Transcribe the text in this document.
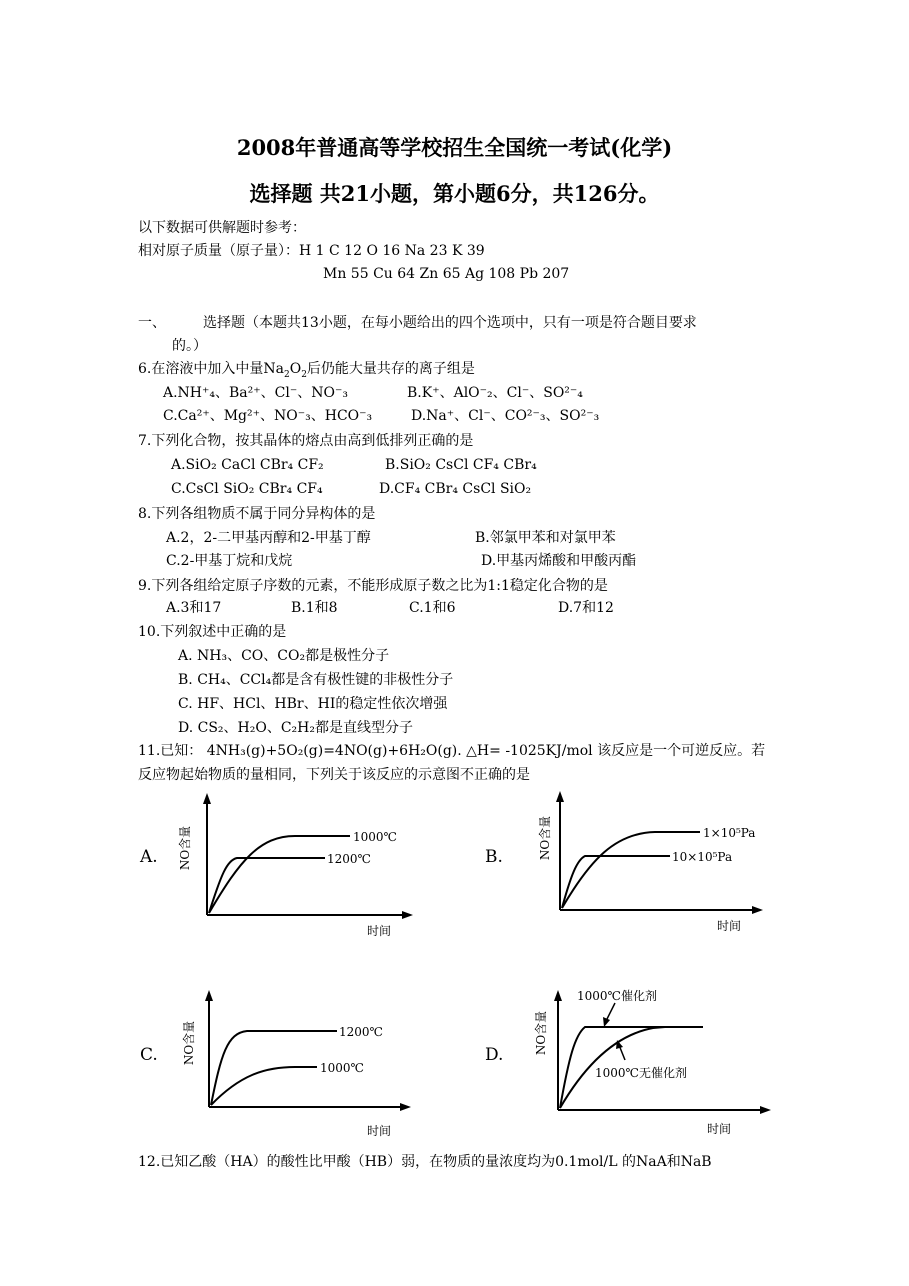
2008年普通高等学校招生全国统一考试(化学)
选择题 共21小题，第小题6分，共126分。
以下数据可供解题时参考：
相对原子质量（原子量）：H 1 C 12 O 16 Na 23 K 39
Mn 55 Cu 64 Zn 65 Ag 108 Pb 207
一、	选择题（本题共13小题，在每小题给出的四个选项中，只有一项是符合题目要求
的。）
6.在溶液中加入中量$Na_2O_2$后仍能大量共存的离子组是
A.NH⁺₄、Ba²⁺、Cl⁻、NO⁻₃	B.K⁺、AlO⁻₂、Cl⁻、SO²⁻₄
C.Ca²⁺、Mg²⁺、NO⁻₃、HCO⁻₃	D.Na⁺、Cl⁻、CO²⁻₃、SO²⁻₃
7.下列化合物，按其晶体的熔点由高到低排列正确的是
A.SiO₂ CaCl CBr₄ CF₂	B.SiO₂ CsCl CF₄ CBr₄
C.CsCl SiO₂ CBr₄ CF₄	D.CF₄ CBr₄ CsCl SiO₂
8.下列各组物质不属于同分异构体的是
A.2，2-二甲基丙醇和2-甲基丁醇	B.邻氯甲苯和对氯甲苯
C.2-甲基丁烷和戊烷	D.甲基丙烯酸和甲酸丙酯
9.下列各组给定原子序数的元素，不能形成原子数之比为1:1稳定化合物的是
A.3和17	B.1和8	C.1和6	D.7和12
10.下列叙述中正确的是
A. NH₃、CO、CO₂都是极性分子
B. CH₄、CCl₄都是含有极性键的非极性分子
C. HF、HCl、HBr、HI的稳定性依次增强
D. CS₂、H₂O、C₂H₂都是直线型分子
11.已知： 4NH₃(g)+5O₂(g)=4NO(g)+6H₂O(g). △H= -1025KJ/mol 该反应是一个可逆反应。若
反应物起始物质的量相同，下列关于该反应的示意图不正确的是
A. NO含量	1000℃
1200℃
时间
B.	NO含量	1×10⁵Pa
10×10⁵Pa
时间
C. NO含量	1200℃
1000℃
时间
D.	NO含量
1000℃催化剂
1000℃无催化剂
时间
12.已知乙酸（HA）的酸性比甲酸（HB）弱，在物质的量浓度均为0.1mol/L 的NaA和NaB
